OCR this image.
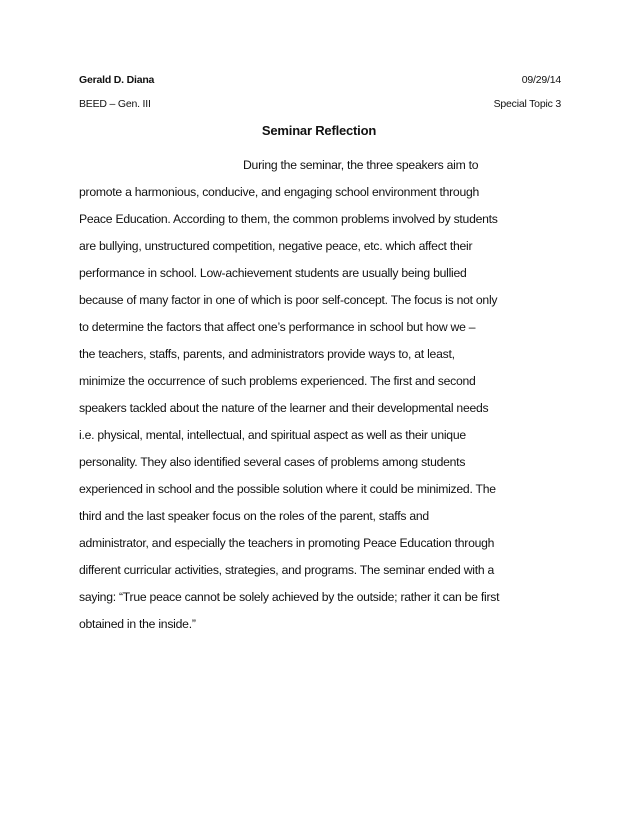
Gerald D. Diana	09/29/14
BEED – Gen. III	Special Topic 3
Seminar Reflection
During the seminar, the three speakers aim to
promote a harmonious, conducive, and engaging school environment through
Peace Education. According to them, the common problems involved by students
are bullying, unstructured competition, negative peace, etc. which affect their
performance in school. Low-achievement students are usually being bullied
because of many factor in one of which is poor self-concept. The focus is not only
to determine the factors that affect one’s performance in school but how we –
the teachers, staffs, parents, and administrators provide ways to, at least,
minimize the occurrence of such problems experienced. The first and second
speakers tackled about the nature of the learner and their developmental needs
i.e. physical, mental, intellectual, and spiritual aspect as well as their unique
personality. They also identified several cases of problems among students
experienced in school and the possible solution where it could be minimized. The
third and the last speaker focus on the roles of the parent, staffs and
administrator, and especially the teachers in promoting Peace Education through
different curricular activities, strategies, and programs. The seminar ended with a
saying: “True peace cannot be solely achieved by the outside; rather it can be first
obtained in the inside.”
